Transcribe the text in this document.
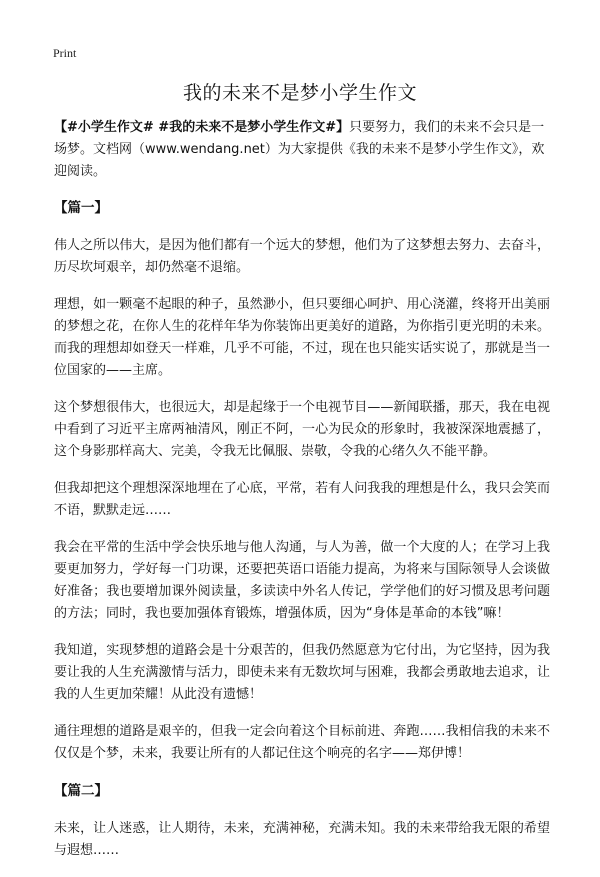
Print
我的未来不是梦小学生作文

【#小学生作文# #我的未来不是梦小学生作文#】只要努力，我们的未来不会只是一场梦。文档网（www.wendang.net）为大家提供《我的未来不是梦小学生作文》，欢迎阅读。

【篇一】

伟人之所以伟大，是因为他们都有一个远大的梦想，他们为了这梦想去努力、去奋斗，历尽坎坷艰辛，却仍然毫不退缩。

理想，如一颗毫不起眼的种子，虽然渺小，但只要细心呵护、用心浇灌，终将开出美丽的梦想之花，在你人生的花样年华为你装饰出更美好的道路，为你指引更光明的未来。而我的理想却如登天一样难，几乎不可能，不过，现在也只能实话实说了，那就是当一位国家的——主席。

这个梦想很伟大，也很远大，却是起缘于一个电视节目——新闻联播，那天，我在电视中看到了习近平主席两袖清风，刚正不阿，一心为民众的形象时，我被深深地震撼了，这个身影那样高大、完美，令我无比佩服、崇敬，令我的心绪久久不能平静。

但我却把这个理想深深地埋在了心底，平常，若有人问我我的理想是什么，我只会笑而不语，默默走远……

我会在平常的生活中学会快乐地与他人沟通，与人为善，做一个大度的人；在学习上我要更加努力，学好每一门功课，还要把英语口语能力提高，为将来与国际领导人会谈做好准备；我也要增加课外阅读量，多读读中外名人传记，学学他们的好习惯及思考问题的方法；同时，我也要加强体育锻炼，增强体质，因为“身体是革命的本钱”嘛！

我知道，实现梦想的道路会是十分艰苦的，但我仍然愿意为它付出，为它坚持，因为我要让我的人生充满激情与活力，即使未来有无数坎坷与困难，我都会勇敢地去追求，让我的人生更加荣耀！从此没有遗憾！

通往理想的道路是艰辛的，但我一定会向着这个目标前进、奔跑……我相信我的未来不仅仅是个梦，未来，我要让所有的人都记住这个响亮的名字——郑伊博！

【篇二】

未来，让人迷惑，让人期待，未来，充满神秘，充满未知。我的未来带给我无限的希望与遐想……
